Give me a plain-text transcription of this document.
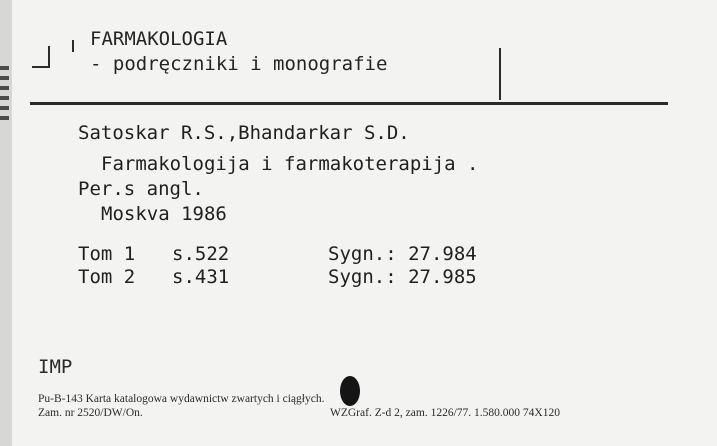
FARMAKOLOGIA
- podręczniki i monografie
Satoskar R.S.,Bhandarkar S.D.
Farmakologija i farmakoterapija .
Per.s angl.
Moskva 1986
Tom 1 s.522	Sygn.: 27.984
Tom 2 s.431	Sygn.: 27.985
IMP
Pu-B-143 Karta katalogowa wydawnictw zwartych i ciągłych.
Zam. nr 2520/DW/On.	WZGraf. Z-d 2, zam. 1226/77. 1.580.000 74X120
